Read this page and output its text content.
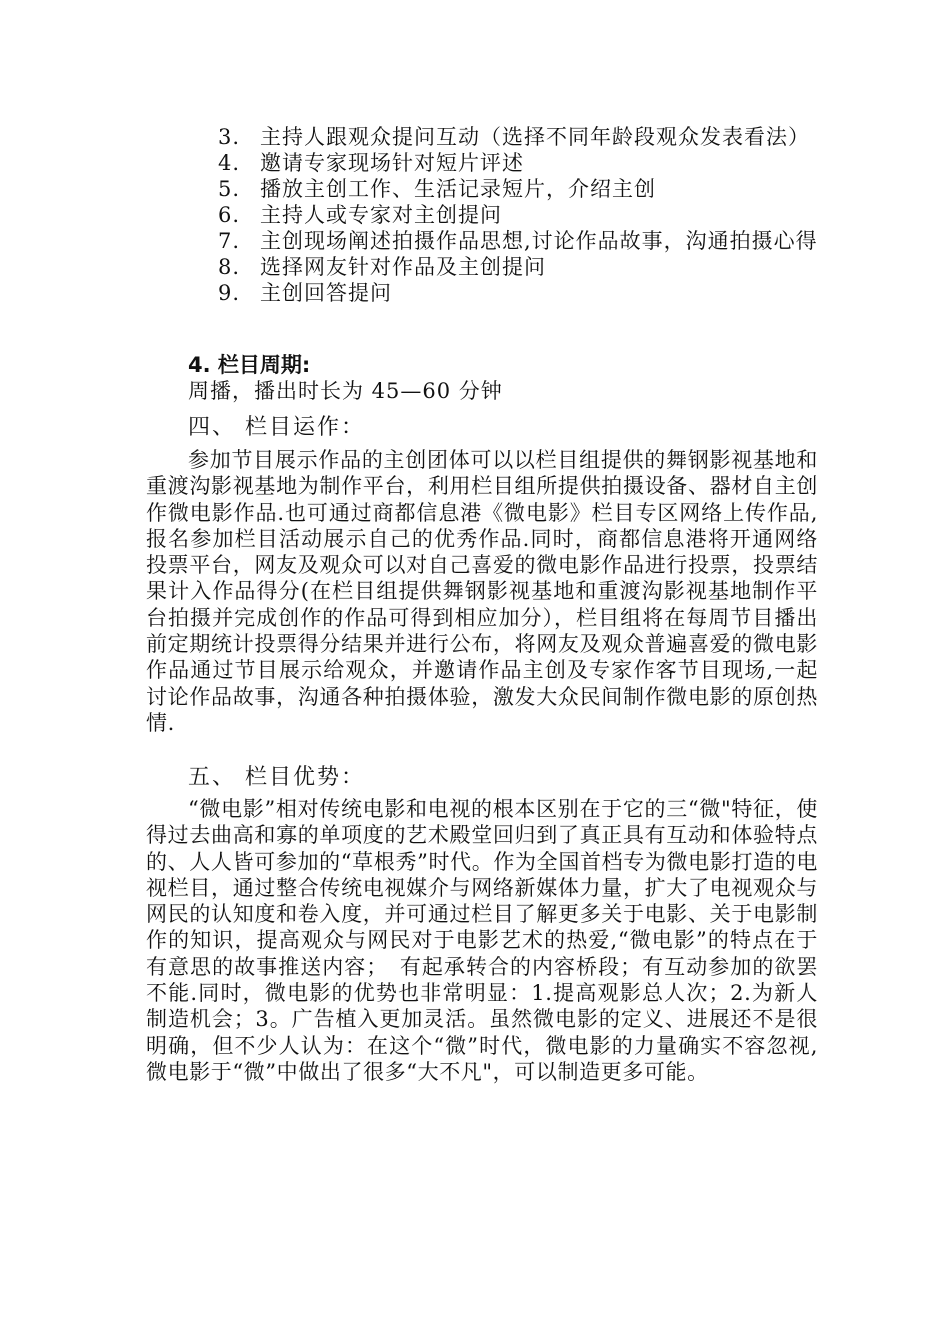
3. 主持人跟观众提问互动（选择不同年龄段观众发表看法）
4. 邀请专家现场针对短片评述
5. 播放主创工作、生活记录短片，介绍主创
6. 主持人或专家对主创提问
7. 主创现场阐述拍摄作品思想,讨论作品故事，沟通拍摄心得
8. 选择网友针对作品及主创提问
9. 主创回答提问
4. 栏目周期:
周播，播出时长为 45—60 分钟
四、 栏目运作：

参加节目展示作品的主创团体可以以栏目组提供的舞钢影视基地和重渡沟影视基地为制作平台，利用栏目组所提供拍摄设备、器材自主创作微电影作品.也可通过商都信息港《微电影》栏目专区网络上传作品,报名参加栏目活动展示自己的优秀作品.同时，商都信息港将开通网络投票平台，网友及观众可以对自己喜爱的微电影作品进行投票，投票结果计入作品得分(在栏目组提供舞钢影视基地和重渡沟影视基地制作平台拍摄并完成创作的作品可得到相应加分），栏目组将在每周节目播出前定期统计投票得分结果并进行公布，将网友及观众普遍喜爱的微电影作品通过节目展示给观众，并邀请作品主创及专家作客节目现场,一起讨论作品故事，沟通各种拍摄体验，激发大众民间制作微电影的原创热情.

五、 栏目优势：

“微电影”相对传统电影和电视的根本区别在于它的三“微"特征，使得过去曲高和寡的单项度的艺术殿堂回归到了真正具有互动和体验特点的、人人皆可参加的“草根秀”时代。作为全国首档专为微电影打造的电视栏目，通过整合传统电视媒介与网络新媒体力量，扩大了电视观众与网民的认知度和卷入度，并可通过栏目了解更多关于电影、关于电影制作的知识，提高观众与网民对于电影艺术的热爱,“微电影”的特点在于有意思的故事推送内容；　有起承转合的内容桥段；有互动参加的欲罢不能.同时，微电影的优势也非常明显：1.提高观影总人次；2.为新人制造机会；3。广告植入更加灵活。虽然微电影的定义、进展还不是很明确，但不少人认为：在这个“微”时代，微电影的力量确实不容忽视,微电影于“微”中做出了很多“大不凡"，可以制造更多可能。
